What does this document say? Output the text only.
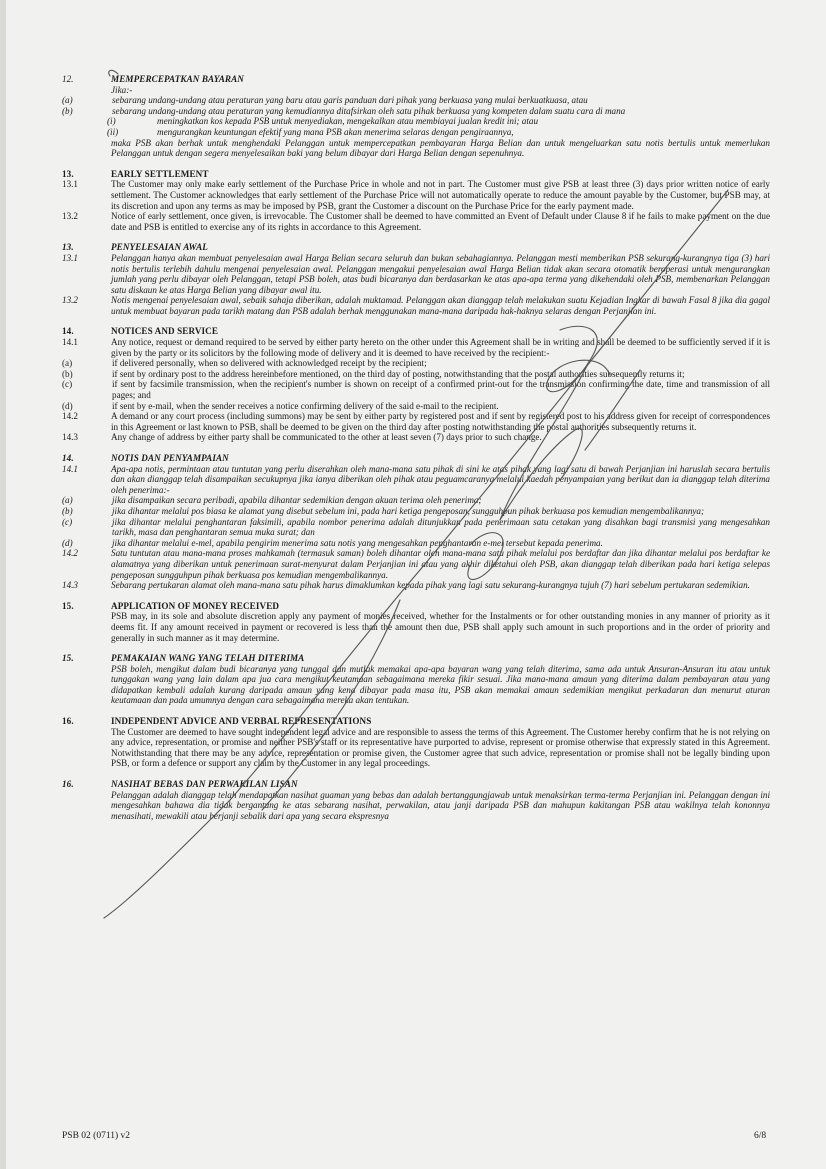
12.	MEMPERCEPATKAN BAYARAN
Jika:-
(a)	sebarang undang-undang atau peraturan yang baru atau garis panduan dari pihak yang berkuasa yang mulai berkuatkuasa, atau
(b)	sebarang undang-undang atau peraturan yang kemudiannya ditafsirkan oleh satu pihak berkuasa yang kompeten dalam suatu cara di mana
(i)	meningkatkan kos kepada PSB untuk menyediakan, mengekalkan atau membiayai jualan kredit ini; atau
(ii)	mengurangkan keuntungan efektif yang mana PSB akan menerima selaras dengan pengiraannya,
maka PSB akan berhak untuk menghendaki Pelanggan untuk mempercepatkan pembayaran Harga Belian dan untuk mengeluarkan satu notis bertulis untuk memerlukan Pelanggan untuk dengan segera menyelesaikan baki yang belum dibayar dari Harga Belian dengan sepenuhnya.
13.	EARLY SETTLEMENT
13.1	The Customer may only make early settlement of the Purchase Price in whole and not in part. The Customer must give PSB at least three (3) days prior written notice of early settlement. The Customer acknowledges that early settlement of the Purchase Price will not automatically operate to reduce the amount payable by the Customer, but PSB may, at its discretion and upon any terms as may be imposed by PSB, grant the Customer a discount on the Purchase Price for the early payment made.
13.2	Notice of early settlement, once given, is irrevocable. The Customer shall be deemed to have committed an Event of Default under Clause 8 if he fails to make payment on the due date and PSB is entitled to exercise any of its rights in accordance to this Agreement.
13.	PENYELESAIAN AWAL
13.1	Pelanggan hanya akan membuat penyelesaian awal Harga Belian secara seluruh dan bukan sebahagiannya. Pelanggan mesti memberikan PSB sekurang-kurangnya tiga (3) hari notis bertulis terlebih dahulu mengenai penyelesaian awal. Pelanggan mengakui penyelesaian awal Harga Belian tidak akan secara otomatik beroperasi untuk mengurangkan jumlah yang perlu dibayar oleh Pelanggan, tetapi PSB boleh, atas budi bicaranya dan berdasarkan ke atas apa-apa terma yang dikehendaki oleh PSB, membenarkan Pelanggan satu diskaun ke atas Harga Belian yang dibayar awal itu.
13.2	Notis mengenai penyelesaian awal, sebaik sahaja diberikan, adalah muktamad. Pelanggan akan dianggap telah melakukan suatu Kejadian Ingkar di bawah Fasal 8 jika dia gagal untuk membuat bayaran pada tarikh matang dan PSB adalah berhak menggunakan mana-mana daripada hak-haknya selaras dengan Perjanjian ini.
14.	NOTICES AND SERVICE
14.1	Any notice, request or demand required to be served by either party hereto on the other under this Agreement shall be in writing and shall be deemed to be sufficiently served if it is given by the party or its solicitors by the following mode of delivery and it is deemed to have received by the recipient:-
(a)	if delivered personally, when so delivered with acknowledged receipt by the recipient;
(b)	if sent by ordinary post to the address hereinbefore mentioned, on the third day of posting, notwithstanding that the postal authorities subsequently returns it;
(c)	if sent by facsimile transmission, when the recipient's number is shown on receipt of a confirmed print-out for the transmission confirming the date, time and transmission of all pages; and
(d)	if sent by e-mail, when the sender receives a notice confirming delivery of the said e-mail to the recipient.
14.2	A demand or any court process (including summons) may be sent by either party by registered post and if sent by registered post to his address given for receipt of correspondences in this Agreement or last known to PSB, shall be deemed to be given on the third day after posting notwithstanding the postal authorities subsequently returns it.
14.3	Any change of address by either party shall be communicated to the other at least seven (7) days prior to such change.
14.	NOTIS DAN PENYAMPAIAN
14.1	Apa-apa notis, permintaan atau tuntutan yang perlu diserahkan oleh mana-mana satu pihak di sini ke atas pihak yang lagi satu di bawah Perjanjian ini haruslah secara bertulis dan akan dianggap telah disampaikan secukupnya jika ianya diberikan oleh pihak atau peguamcaranya melalui kaedah penyampaian yang berikut dan ia dianggap telah diterima oleh penerima:-
(a)	jika disampaikan secara peribadi, apabila dihantar sedemikian dengan akuan terima oleh penerima;
(b)	jika dihantar melalui pos biasa ke alamat yang disebut sebelum ini, pada hari ketiga pengeposan, sungguhpun pihak berkuasa pos kemudian mengembalikannya;
(c)	jika dihantar melalui penghantaran faksimili, apabila nombor penerima adalah ditunjukkan pada penerimaan satu cetakan yang disahkan bagi transmisi yang mengesahkan tarikh, masa dan penghantaran semua muka surat; dan
(d)	jika dihantar melalui e-mel, apabila pengirim menerima satu notis yang mengesahkan penghantaran e-mel tersebut kepada penerima.
14.2	Satu tuntutan atau mana-mana proses mahkamah (termasuk saman) boleh dihantar oleh mana-mana satu pihak melalui pos berdaftar dan jika dihantar melalui pos berdaftar ke alamatnya yang diberikan untuk penerimaan surat-menyurat dalam Perjanjian ini atau yang akhir diketahui oleh PSB, akan dianggap telah diberikan pada hari ketiga selepas pengeposan sungguhpun pihak berkuasa pos kemudian mengembalikannya.
14.3	Sebarang pertukaran alamat oleh mana-mana satu pihak harus dimaklumkan kepada pihak yang lagi satu sekurang-kurangnya tujuh (7) hari sebelum pertukaran sedemikian.
15.	APPLICATION OF MONEY RECEIVED
PSB may, in its sole and absolute discretion apply any payment of monies received, whether for the Instalments or for other outstanding monies in any manner of priority as it deems fit. If any amount received in payment or recovered is less than the amount then due, PSB shall apply such amount in such proportions and in the order of priority and generally in such manner as it may determine.
15.	PEMAKAIAN WANG YANG TELAH DITERIMA
PSB boleh, mengikut dalam budi bicaranya yang tunggal dan mutlak memakai apa-apa bayaran wang yang telah diterima, sama ada untuk Ansuran-Ansuran itu atau untuk tunggakan wang yang lain dalam apa jua cara mengikut keutamaan sebagaimana mereka fikir sesuai. Jika mana-mana amaun yang diterima dalam pembayaran atau yang didapatkan kembali adalah kurang daripada amaun yang kena dibayar pada masa itu, PSB akan memakai amaun sedemikian mengikut perkadaran dan menurut aturan keutamaan dan pada umumnya dengan cara sebagaimana mereka akan tentukan.
16.	INDEPENDENT ADVICE AND VERBAL REPRESENTATIONS
The Customer are deemed to have sought independent legal advice and are responsible to assess the terms of this Agreement. The Customer hereby confirm that he is not relying on any advice, representation, or promise and neither PSB's staff or its representative have purported to advise, represent or promise otherwise that expressly stated in this Agreement. Notwithstanding that there may be any advice, representation or promise given, the Customer agree that such advice, representation or promise shall not be legally binding upon PSB, or form a defence or support any claim by the Customer in any legal proceedings.
16.	NASIHAT BEBAS DAN PERWAKILAN LISAN
Pelanggan adalah dianggap telah mendapatkan nasihat guaman yang bebas dan adalah bertanggungjawab untuk menaksirkan terma-terma Perjanjian ini. Pelanggan dengan ini mengesahkan bahawa dia tidak bergantung ke atas sebarang nasihat, perwakilan, atau janji daripada PSB dan mahupun kakitangan PSB atau wakilnya telah kononnya menasihati, mewakili atau berjanji sebalik dari apa yang secara ekspresnya
PSB 02 (0711) v2	6/8
